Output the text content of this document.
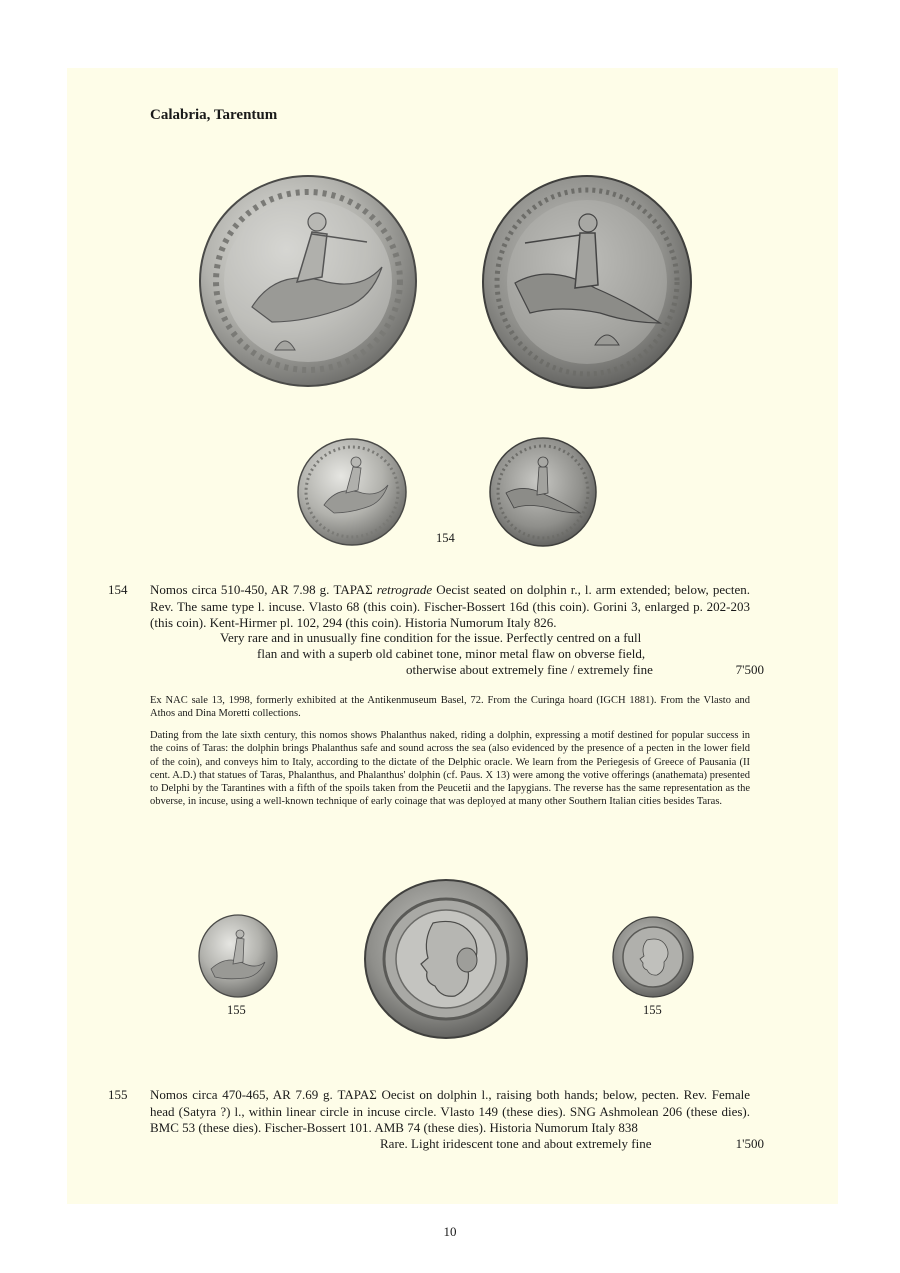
Calabria, Tarentum
154
154 Nomos circa 510-450, AR 7.98 g. ΤΑΡΑΣ retrograde Oecist seated on dolphin r., l. arm extended; below, pecten. Rev. The same type l. incuse. Vlasto 68 (this coin). Fischer-Bossert 16d (this coin). Gorini 3, enlarged p. 202-203 (this coin). Kent-Hirmer pl. 102, 294 (this coin). Historia Numorum Italy 826.
Very rare and in unusually fine condition for the issue. Perfectly centred on a full
flan and with a superb old cabinet tone, minor metal flaw on obverse field,
otherwise about extremely fine / extremely fine	7'500
Ex NAC sale 13, 1998, formerly exhibited at the Antikenmuseum Basel, 72. From the Curinga hoard (IGCH 1881). From the Vlasto and Athos and Dina Moretti collections.
Dating from the late sixth century, this nomos shows Phalanthus naked, riding a dolphin, expressing a motif destined for popular success in the coins of Taras: the dolphin brings Phalanthus safe and sound across the sea (also evidenced by the presence of a pecten in the lower field of the coin), and conveys him to Italy, according to the dictate of the Delphic oracle. We learn from the Periegesis of Greece of Pausania (II cent. A.D.) that statues of Taras, Phalanthus, and Phalanthus' dolphin (cf. Paus. X 13) were among the votive offerings (anathemata) presented to Delphi by the Tarantines with a fifth of the spoils taken from the Peucetii and the Iapygians. The reverse has the same representation as the obverse, in incuse, using a well-known technique of early coinage that was deployed at many other Southern Italian cities besides Taras.
155	155
155 Nomos circa 470-465, AR 7.69 g. ΤΑΡΑΣ Oecist on dolphin l., raising both hands; below, pecten. Rev. Female head (Satyra ?) l., within linear circle in incuse circle. Vlasto 149 (these dies). SNG Ashmolean 206 (these dies). BMC 53 (these dies). Fischer-Bossert 101. AMB 74 (these dies). Historia Numorum Italy 838
Rare. Light iridescent tone and about extremely fine	1'500
10
